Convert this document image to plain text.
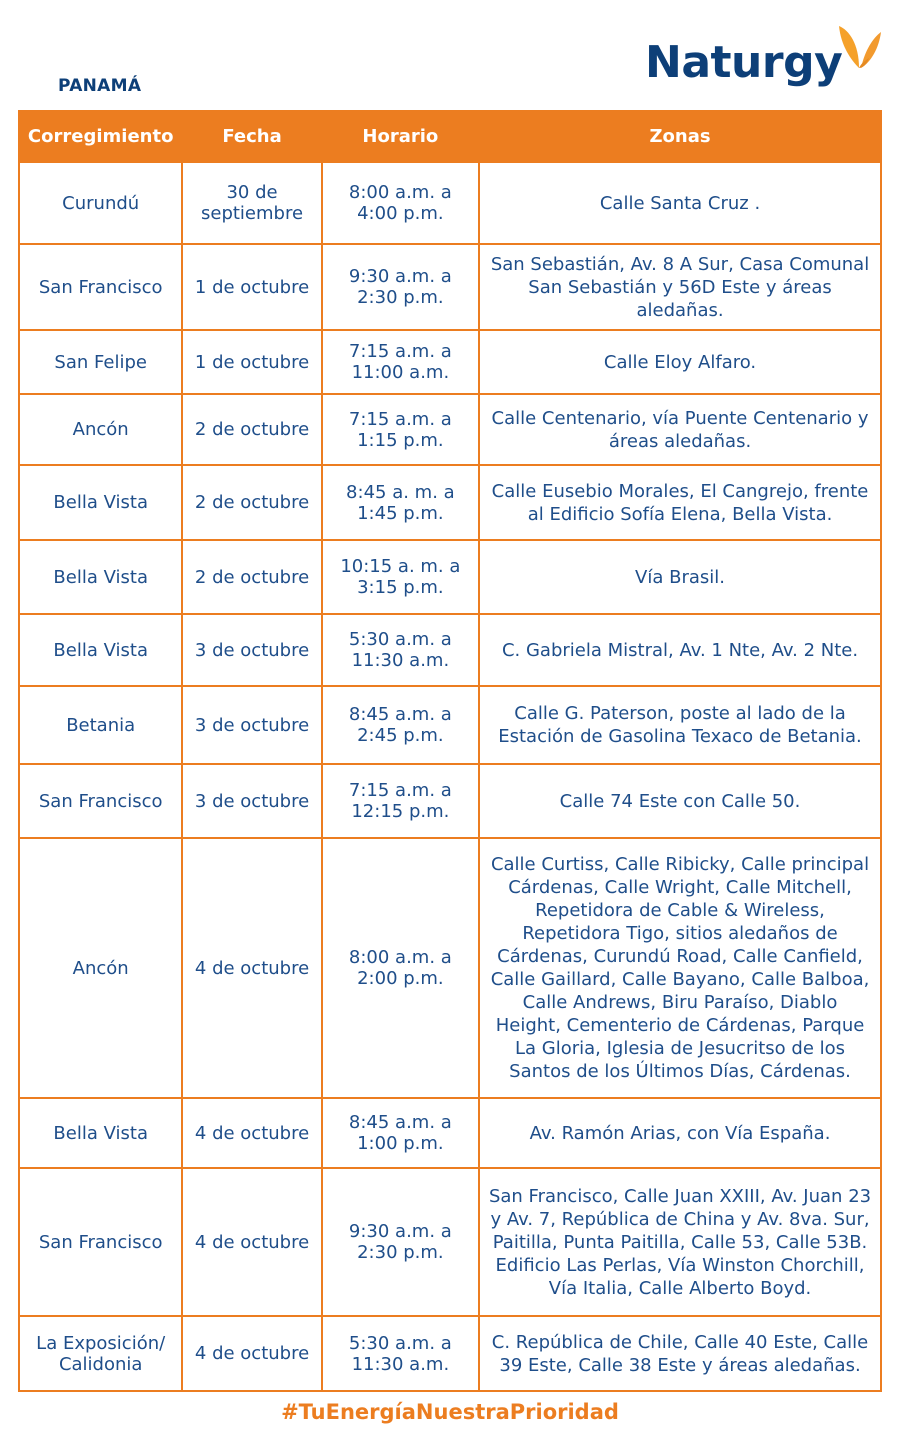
PANAMÁ	Naturgy
Corregimiento	Fecha	Horario	Zonas
Curundú	30 de septiembre	8:00 a.m. a 4:00 p.m.	Calle Santa Cruz .
San Francisco	1 de octubre	9:30 a.m. a 2:30 p.m.	San Sebastián, Av. 8 A Sur, Casa Comunal San Sebastián y 56D Este y áreas aledañas.
San Felipe	1 de octubre	7:15 a.m. a 11:00 a.m.	Calle Eloy Alfaro.
Ancón	2 de octubre	7:15 a.m. a 1:15 p.m.	Calle Centenario, vía Puente Centenario y áreas aledañas.
Bella Vista	2 de octubre	8:45 a. m. a 1:45 p.m.	Calle Eusebio Morales, El Cangrejo, frente al Edificio Sofía Elena, Bella Vista.
Bella Vista	2 de octubre	10:15 a. m. a 3:15 p.m.	Vía Brasil.
Bella Vista	3 de octubre	5:30 a.m. a 11:30 a.m.	C. Gabriela Mistral, Av. 1 Nte, Av. 2 Nte.
Betania	3 de octubre	8:45 a.m. a 2:45 p.m.	Calle G. Paterson, poste al lado de la Estación de Gasolina Texaco de Betania.
San Francisco	3 de octubre	7:15 a.m. a 12:15 p.m.	Calle 74 Este con Calle 50.
Ancón	4 de octubre	8:00 a.m. a 2:00 p.m.	Calle Curtiss, Calle Ribicky, Calle principal Cárdenas, Calle Wright, Calle Mitchell, Repetidora de Cable & Wireless, Repetidora Tigo, sitios aledaños de Cárdenas, Curundú Road, Calle Canfield, Calle Gaillard, Calle Bayano, Calle Balboa, Calle Andrews, Biru Paraíso, Diablo Height, Cementerio de Cárdenas, Parque La Gloria, Iglesia de Jesucritso de los Santos de los Últimos Días, Cárdenas.
Bella Vista	4 de octubre	8:45 a.m. a 1:00 p.m.	Av. Ramón Arias, con Vía España.
San Francisco	4 de octubre	9:30 a.m. a 2:30 p.m.	San Francisco, Calle Juan XXIII, Av. Juan 23 y Av. 7, República de China y Av. 8va. Sur, Paitilla, Punta Paitilla, Calle 53, Calle 53B. Edificio Las Perlas, Vía Winston Chorchill, Vía Italia, Calle Alberto Boyd.
La Exposición/ Calidonia	4 de octubre	5:30 a.m. a 11:30 a.m.	C. República de Chile, Calle 40 Este, Calle 39 Este, Calle 38 Este y áreas aledañas.
#TuEnergíaNuestraPrioridad
